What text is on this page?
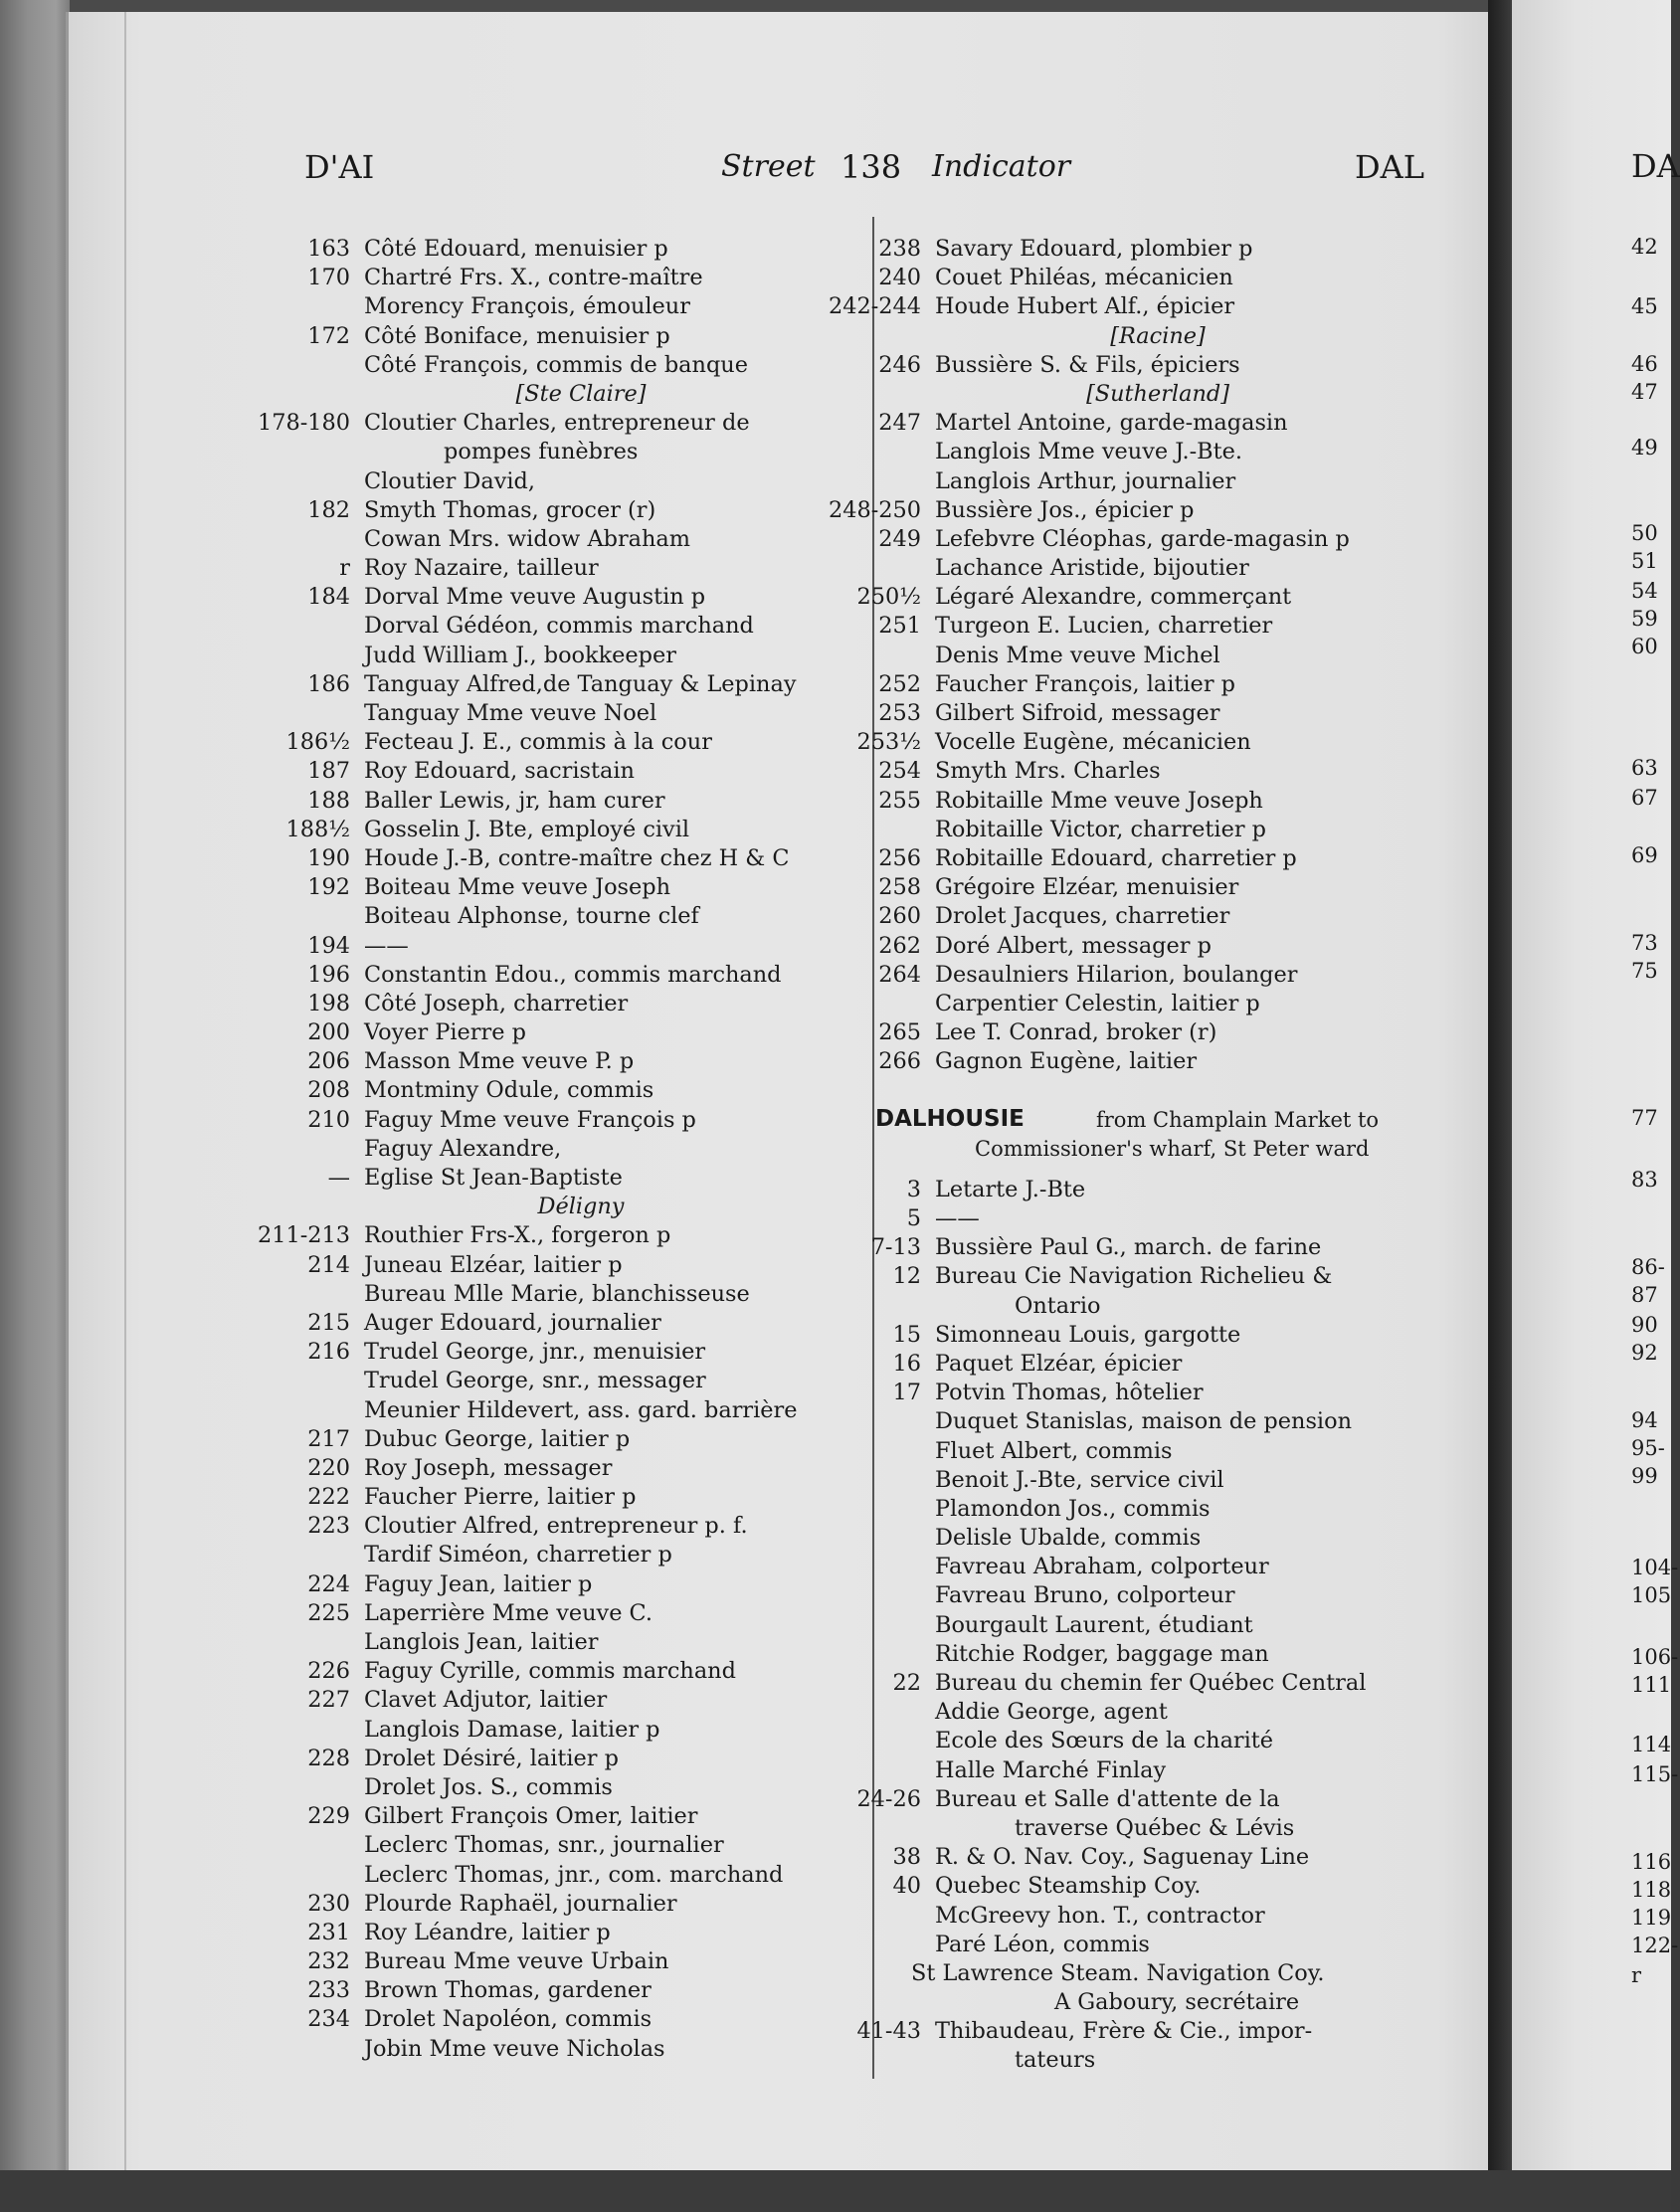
D'AI	Street 138 Indicator	DAL
163 Côté Edouard, menuisier p
170 Chartré Frs. X., contre-maître
Morency François, émouleur
172 Côté Boniface, menuisier p
Côté François, commis de banque
[Ste Claire]
178-180 Cloutier Charles, entrepreneur de
pompes funèbres
Cloutier David,
182 Smyth Thomas, grocer (r)
Cowan Mrs. widow Abraham
r Roy Nazaire, tailleur
184 Dorval Mme veuve Augustin p
Dorval Gédéon, commis marchand
Judd William J., bookkeeper
186 Tanguay Alfred,de Tanguay & Lepinay
Tanguay Mme veuve Noel
186½ Fecteau J. E., commis à la cour
187 Roy Edouard, sacristain
188 Baller Lewis, jr, ham curer
188½ Gosselin J. Bte, employé civil
190 Houde J.-B, contre-maître chez H & C
192 Boiteau Mme veuve Joseph
Boiteau Alphonse, tourne clef
194 ——
196 Constantin Edou., commis marchand
198 Côté Joseph, charretier
200 Voyer Pierre p
206 Masson Mme veuve P. p
208 Montminy Odule, commis
210 Faguy Mme veuve François p
Faguy Alexandre,
— Eglise St Jean-Baptiste
Déligny
211-213 Routhier Frs-X., forgeron p
214 Juneau Elzéar, laitier p
Bureau Mlle Marie, blanchisseuse
215 Auger Edouard, journalier
216 Trudel George, jnr., menuisier
Trudel George, snr., messager
Meunier Hildevert, ass. gard. barrière
217 Dubuc George, laitier p
220 Roy Joseph, messager
222 Faucher Pierre, laitier p
223 Cloutier Alfred, entrepreneur p. f.
Tardif Siméon, charretier p
224 Faguy Jean, laitier p
225 Laperrière Mme veuve C.
Langlois Jean, laitier
226 Faguy Cyrille, commis marchand
227 Clavet Adjutor, laitier
Langlois Damase, laitier p
228 Drolet Désiré, laitier p
Drolet Jos. S., commis
229 Gilbert François Omer, laitier
Leclerc Thomas, snr., journalier
Leclerc Thomas, jnr., com. marchand
230 Plourde Raphaël, journalier
231 Roy Léandre, laitier p
232 Bureau Mme veuve Urbain
233 Brown Thomas, gardener
234 Drolet Napoléon, commis
Jobin Mme veuve Nicholas
238 Savary Edouard, plombier p
240 Couet Philéas, mécanicien
242-244 Houde Hubert Alf., épicier
[Racine]
246 Bussière S. & Fils, épiciers
[Sutherland]
247 Martel Antoine, garde-magasin
Langlois Mme veuve J.-Bte.
Langlois Arthur, journalier
248-250 Bussière Jos., épicier p
249 Lefebvre Cléophas, garde-magasin p
Lachance Aristide, bijoutier
250½ Légaré Alexandre, commerçant
251 Turgeon E. Lucien, charretier
Denis Mme veuve Michel
252 Faucher François, laitier p
253 Gilbert Sifroid, messager
253½ Vocelle Eugène, mécanicien
254 Smyth Mrs. Charles
255 Robitaille Mme veuve Joseph
Robitaille Victor, charretier p
256 Robitaille Edouard, charretier p
258 Grégoire Elzéar, menuisier
260 Drolet Jacques, charretier
262 Doré Albert, messager p
264 Desaulniers Hilarion, boulanger
Carpentier Celestin, laitier p
265 Lee T. Conrad, broker (r)
266 Gagnon Eugène, laitier
DALHOUSIE	from Champlain Market to
Commissioner's wharf, St Peter ward
3 Letarte J.-Bte
5 ——
7-13 Bussière Paul G., march. de farine
12 Bureau Cie Navigation Richelieu &
Ontario
15 Simonneau Louis, gargotte
16 Paquet Elzéar, épicier
17 Potvin Thomas, hôtelier
Duquet Stanislas, maison de pension
Fluet Albert, commis
Benoit J.-Bte, service civil
Plamondon Jos., commis
Delisle Ubalde, commis
Favreau Abraham, colporteur
Favreau Bruno, colporteur
Bourgault Laurent, étudiant
Ritchie Rodger, baggage man
22 Bureau du chemin fer Québec Central
Addie George, agent
Ecole des Sœurs de la charité
Halle Marché Finlay
24-26 Bureau et Salle d'attente de la
traverse Québec & Lévis
38 R. & O. Nav. Coy., Saguenay Line
40 Quebec Steamship Coy.
McGreevy hon. T., contractor
Paré Léon, commis
St Lawrence Steam. Navigation Coy.
A Gaboury, secrétaire
41-43 Thibaudeau, Frère & Cie., impor-
tateurs
DA
42
45
46
47
49
50
51
54
59
60
63
67
69
73
75
77
83
86-
87
90
92
94
95-
99
104-
105
106-
111
114
115-
116
118
119
122-
r
